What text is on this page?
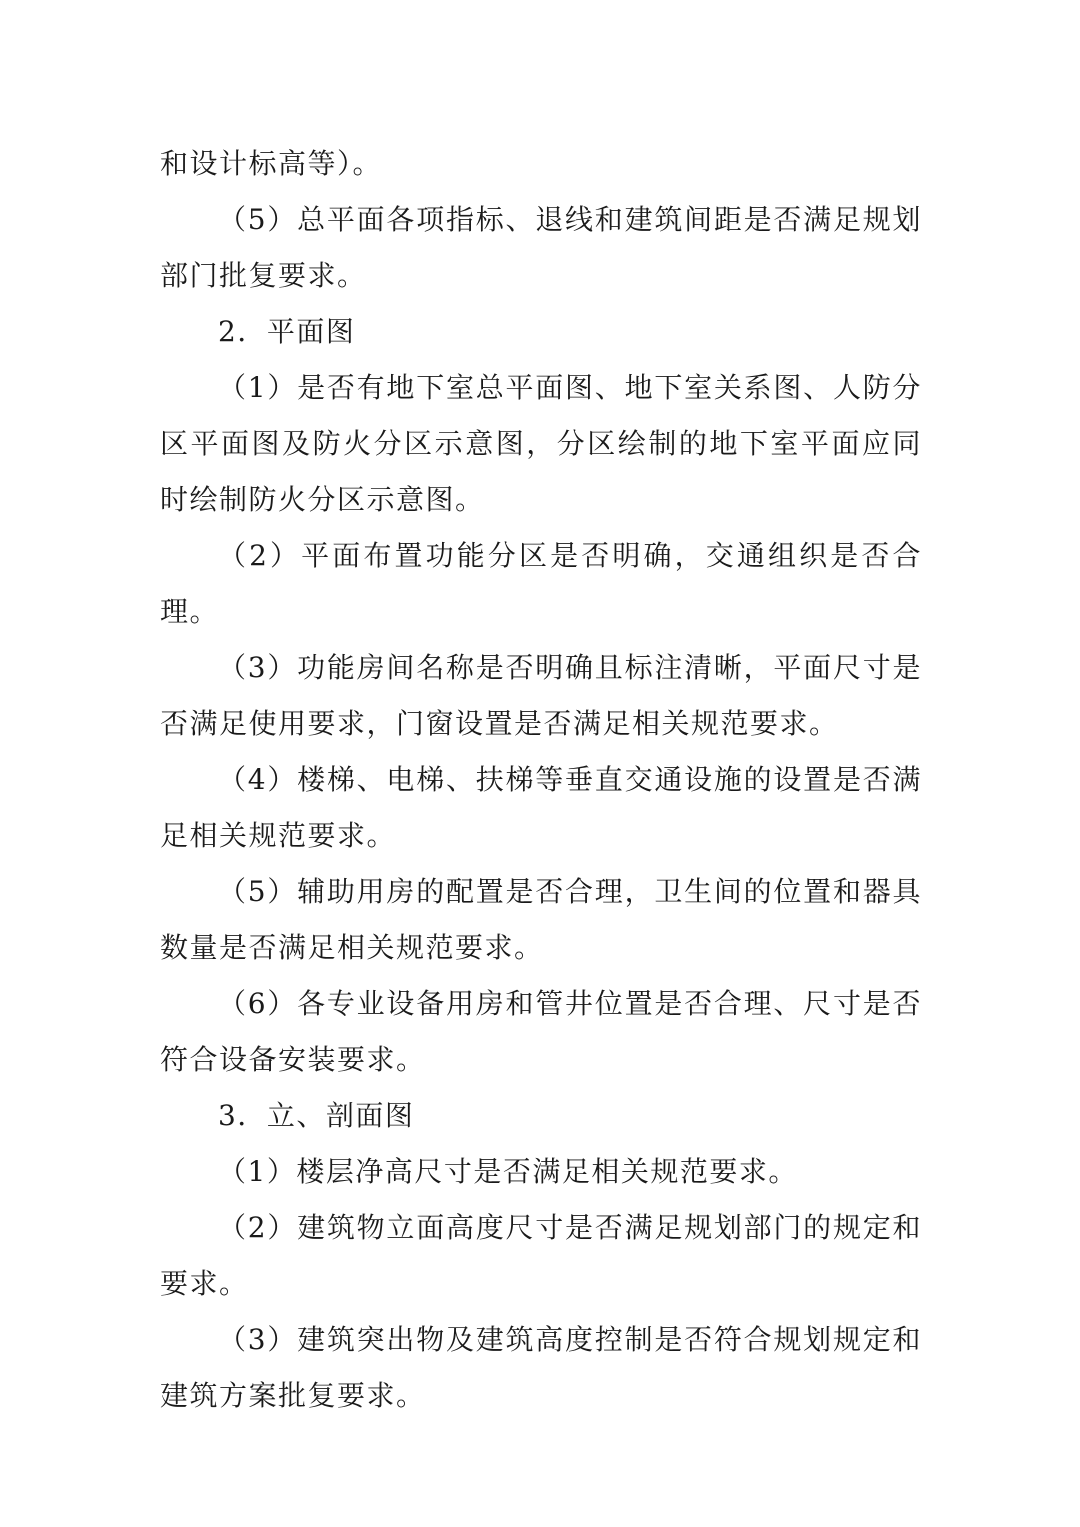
和设计标高等）。

（5）总平面各项指标、退线和建筑间距是否满足规划部门批复要求。

2．平面图

（1）是否有地下室总平面图、地下室关系图、人防分区平面图及防火分区示意图，分区绘制的地下室平面应同时绘制防火分区示意图。

（2）平面布置功能分区是否明确，交通组织是否合理。

（3）功能房间名称是否明确且标注清晰，平面尺寸是否满足使用要求，门窗设置是否满足相关规范要求。

（4）楼梯、电梯、扶梯等垂直交通设施的设置是否满足相关规范要求。

（5）辅助用房的配置是否合理，卫生间的位置和器具数量是否满足相关规范要求。

（6）各专业设备用房和管井位置是否合理、尺寸是否符合设备安装要求。

3．立、剖面图

（1）楼层净高尺寸是否满足相关规范要求。

（2）建筑物立面高度尺寸是否满足规划部门的规定和要求。

（3）建筑突出物及建筑高度控制是否符合规划规定和建筑方案批复要求。
